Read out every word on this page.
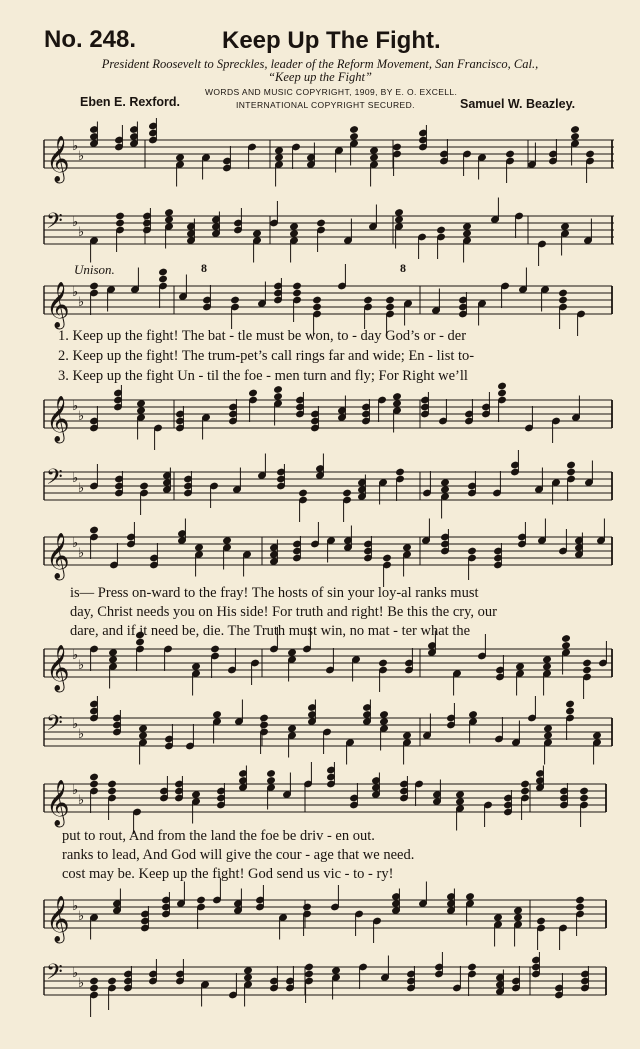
No. 248.	Keep Up The Fight.
President Roosevelt to Spreckles, leader of the Reform Movement, San Francisco, Cal.,
“Keep up the Fight”
WORDS AND MUSIC COPYRIGHT, 1909, BY E. O. EXCELL.
INTERNATIONAL COPYRIGHT SECURED.
Eben E. Rexford.	Samuel W. Beazley.
𝄞 ♭
♭
𝄢 ♭
♭
𝄞 ♭
♭
𝄞 ♭
♭
𝄢 ♭
♭
𝄞 ♭
♭
𝄞 ♭
♭
𝄢 ♭
♭
𝄞 ♭
♭
𝄞 ♭
♭
𝄢 ♭
♭
Unison.	8	8
1. Keep up the fight! The bat - tle must be won, to - day God’s or - der
2. Keep up the fight! The trum-pet’s call rings far and wide; En - list to-
3. Keep up the fight Un - til the foe - men turn and fly; For Right we’ll
is— Press on-ward to the fray! The hosts of sin your loy-al ranks must
day, Christ needs you on His side! For truth and right! Be this the cry, our
dare, and if it need be, die. The Truth must win, no mat - ter what the
put to rout, And from the land the foe be driv - en out.
ranks to lead, And God will give the cour - age that we need.
cost may be. Keep up the fight! God send us vic - to - ry!
